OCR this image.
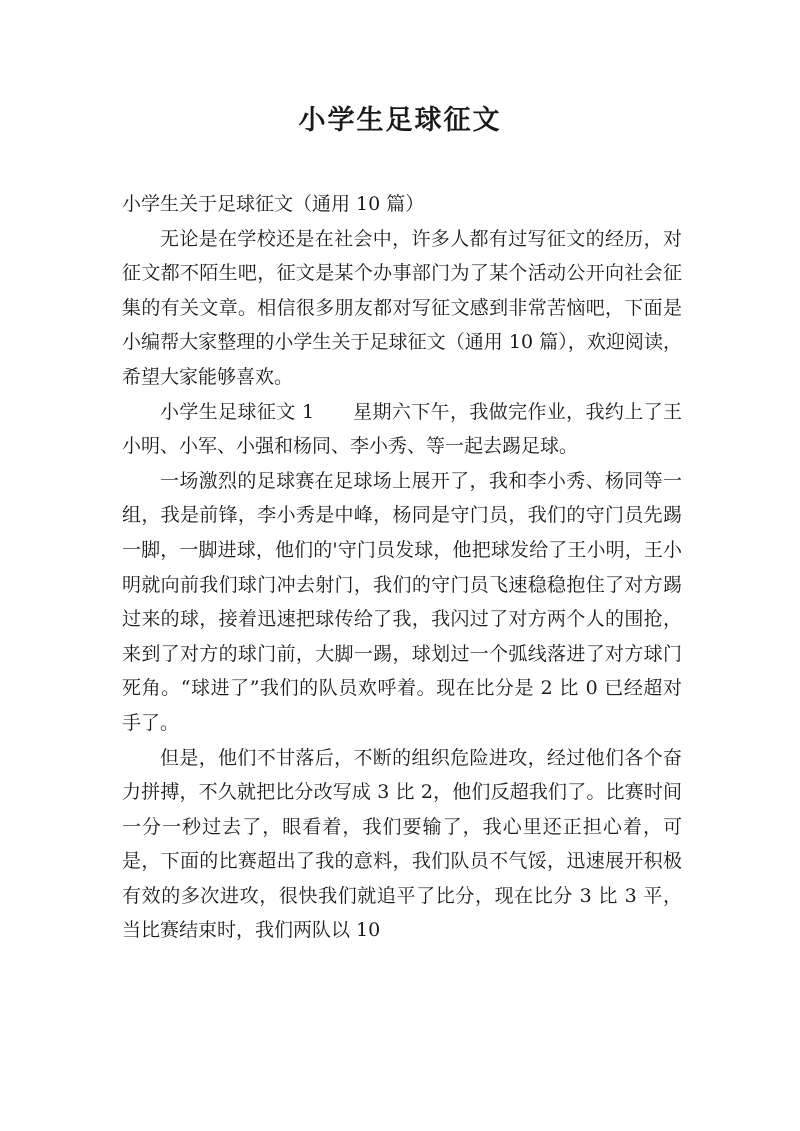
小学生足球征文

小学生关于足球征文（通用 10 篇）

无论是在学校还是在社会中，许多人都有过写征文的经历，对征文都不陌生吧，征文是某个办事部门为了某个活动公开向社会征集的有关文章。相信很多朋友都对写征文感到非常苦恼吧，下面是小编帮大家整理的小学生关于足球征文（通用 10 篇），欢迎阅读，希望大家能够喜欢。

小学生足球征文 1　　星期六下午，我做完作业，我约上了王小明、小军、小强和杨同、李小秀、等一起去踢足球。

一场激烈的足球赛在足球场上展开了，我和李小秀、杨同等一组，我是前锋，李小秀是中峰，杨同是守门员，我们的守门员先踢一脚，一脚进球，他们的'守门员发球，他把球发给了王小明，王小明就向前我们球门冲去射门，我们的守门员飞速稳稳抱住了对方踢过来的球，接着迅速把球传给了我，我闪过了对方两个人的围抢，来到了对方的球门前，大脚一踢，球划过一个弧线落进了对方球门死角。“球进了”我们的队员欢呼着。现在比分是 2 比 0 已经超对手了。

但是，他们不甘落后，不断的组织危险进攻，经过他们各个奋力拼搏，不久就把比分改写成 3 比 2，他们反超我们了。比赛时间一分一秒过去了，眼看着，我们要输了，我心里还正担心着，可是，下面的比赛超出了我的意料，我们队员不气馁，迅速展开积极有效的多次进攻，很快我们就追平了比分，现在比分 3 比 3 平，当比赛结束时，我们两队以 10
